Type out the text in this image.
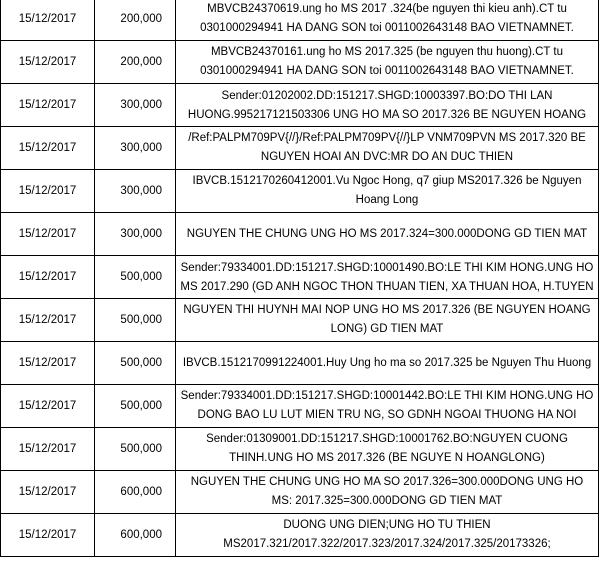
15/12/2017	200,000	MBVCB24370619.ung ho MS 2017 .324(be nguyen thi kieu anh).CT tu 0301000294941 HA DANG SON toi 0011002643148 BAO VIETNAMNET.

15/12/2017	200,000	MBVCB24370161.ung ho MS 2017.325 (be nguyen thu huong).CT tu 0301000294941 HA DANG SON toi 0011002643148 BAO VIETNAMNET.

15/12/2017	300,000	Sender:01202002.DD:151217.SHGD:10003397.BO:DO THI LAN HUONG.995217121503306 UNG HO MA SO 2017.326 BE NGUYEN HOANG

15/12/2017	300,000	/Ref:PALPM709PV{//}/Ref:PALPM709PV{//}LP VNM709PVN MS 2017.320 BE NGUYEN HOAI AN DVC:MR DO AN DUC THIEN

15/12/2017	300,000	IBVCB.1512170260412001.Vu Ngoc Hong, q7 giup MS2017.326 be Nguyen Hoang Long

15/12/2017	300,000	NGUYEN THE CHUNG UNG HO MS 2017.324=300.000DONG GD TIEN MAT

15/12/2017	500,000	Sender:79334001.DD:151217.SHGD:10001490.BO:LE THI KIM HONG.UNG HO MS 2017.290 (GD ANH NGOC THON THUAN TIEN, XA THUAN HOA, H.TUYEN

15/12/2017	500,000	NGUYEN THI HUYNH MAI NOP UNG HO MS 2017.326 (BE NGUYEN HOANG LONG) GD TIEN MAT

15/12/2017	500,000	IBVCB.1512170991224001.Huy Ung ho ma so 2017.325 be Nguyen Thu Huong

15/12/2017	500,000	Sender:79334001.DD:151217.SHGD:10001442.BO:LE THI KIM HONG.UNG HO DONG BAO LU LUT MIEN TRU NG, SO GDNH NGOAI THUONG HA NOI

15/12/2017	500,000	Sender:01309001.DD:151217.SHGD:10001762.BO:NGUYEN CUONG THINH.UNG HO MS 2017.326 (BE NGUYE N HOANGLONG)

15/12/2017	600,000	NGUYEN THE CHUNG UNG HO MA SO 2017.326=300.000DONG UNG HO MS: 2017.325=300.000DONG GD TIEN MAT

15/12/2017	600,000	DUONG UNG DIEN;UNG HO TU THIEN MS2017.321/2017.322/2017.323/2017.324/2017.325/20173326;
